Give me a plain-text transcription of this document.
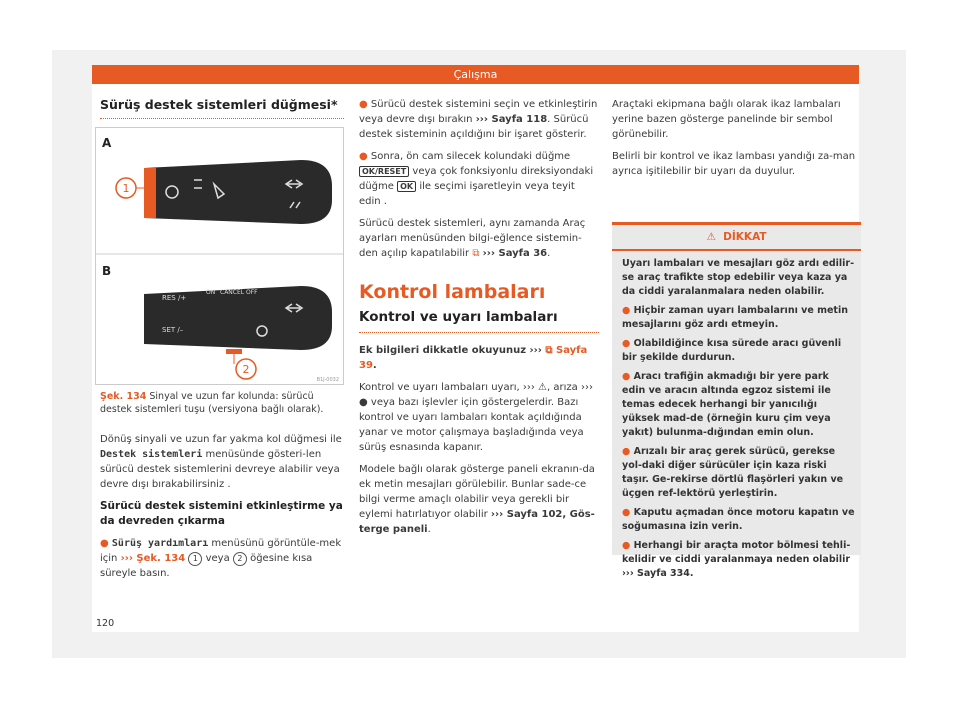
Çalışma
Sürüş destek sistemleri düğmesi*
A
B
1
RES /+
SET /–
ON CANCEL OFF
2
B1J-0032
Şek. 134 Sinyal ve uzun far kolunda: sürücü destek sistemleri tuşu (versiyona bağlı olarak).

Dönüş sinyali ve uzun far yakma kol düğmesi ile Destek sistemleri menüsünde gösteri-len sürücü destek sistemlerini devreye alabilir veya devre dışı bırakabilirsiniz .

Sürücü destek sistemini etkinleştirme ya da devreden çıkarma

● Sürüş yardımları menüsünü görüntüle-mek için ››› Şek. 134 1 veya 2 öğesine kısa süreyle basın.

120

● Sürücü destek sistemini seçin ve etkinleştirin veya devre dışı bırakın ››› Sayfa 118. Sürücü destek sisteminin açıldığını bir işaret gösterir.

● Sonra, ön cam silecek kolundaki düğme OK/RESET veya çok fonksiyonlu direksiyondaki düğme OK ile seçimi işaretleyin veya teyit edin .

Sürücü destek sistemleri, aynı zamanda Araç ayarları menüsünden bilgi-eğlence sistemin-den açılıp kapatılabilir ⧉ ››› Sayfa 36.

Kontrol lambaları
Kontrol ve uyarı lambaları

Ek bilgileri dikkatle okuyunuz ››› ⧉ Sayfa 39.

Kontrol ve uyarı lambaları uyarı, ››› ⚠, arıza ››› ● veya bazı işlevler için göstergelerdir. Bazı kontrol ve uyarı lambaları kontak açıldığında yanar ve motor çalışmaya başladığında veya sürüş esnasında kapanır.

Modele bağlı olarak gösterge paneli ekranın-da ek metin mesajları görülebilir. Bunlar sade-ce bilgi verme amaçlı olabilir veya gerekli bir eylemi hatırlatıyor olabilir ››› Sayfa 102, Gös-terge paneli.

Araçtaki ekipmana bağlı olarak ikaz lambaları yerine bazen gösterge panelinde bir sembol görünebilir.

Belirli bir kontrol ve ikaz lambası yandığı za-man ayrıca işitilebilir bir uyarı da duyulur.

⚠ DİKKAT

Uyarı lambaları ve mesajları göz ardı edilir-se araç trafikte stop edebilir veya kaza ya da ciddi yaralanmalara neden olabilir.

● Hiçbir zaman uyarı lambalarını ve metin mesajlarını göz ardı etmeyin.

● Olabildiğince kısa sürede aracı güvenli bir şekilde durdurun.

● Aracı trafiğin akmadığı bir yere park edin ve aracın altında egzoz sistemi ile temas edecek herhangi bir yanıcılığı yüksek mad-de (örneğin kuru çim veya yakıt) bulunma-dığından emin olun.

● Arızalı bir araç gerek sürücü, gerekse yol-daki diğer sürücüler için kaza riski taşır. Ge-rekirse dörtlü flaşörleri yakın ve üçgen ref-lektörü yerleştirin.

● Kaputu açmadan önce motoru kapatın ve soğumasına izin verin.

● Herhangi bir araçta motor bölmesi tehli-kelidir ve ciddi yaralanmaya neden olabilir ››› Sayfa 334.
